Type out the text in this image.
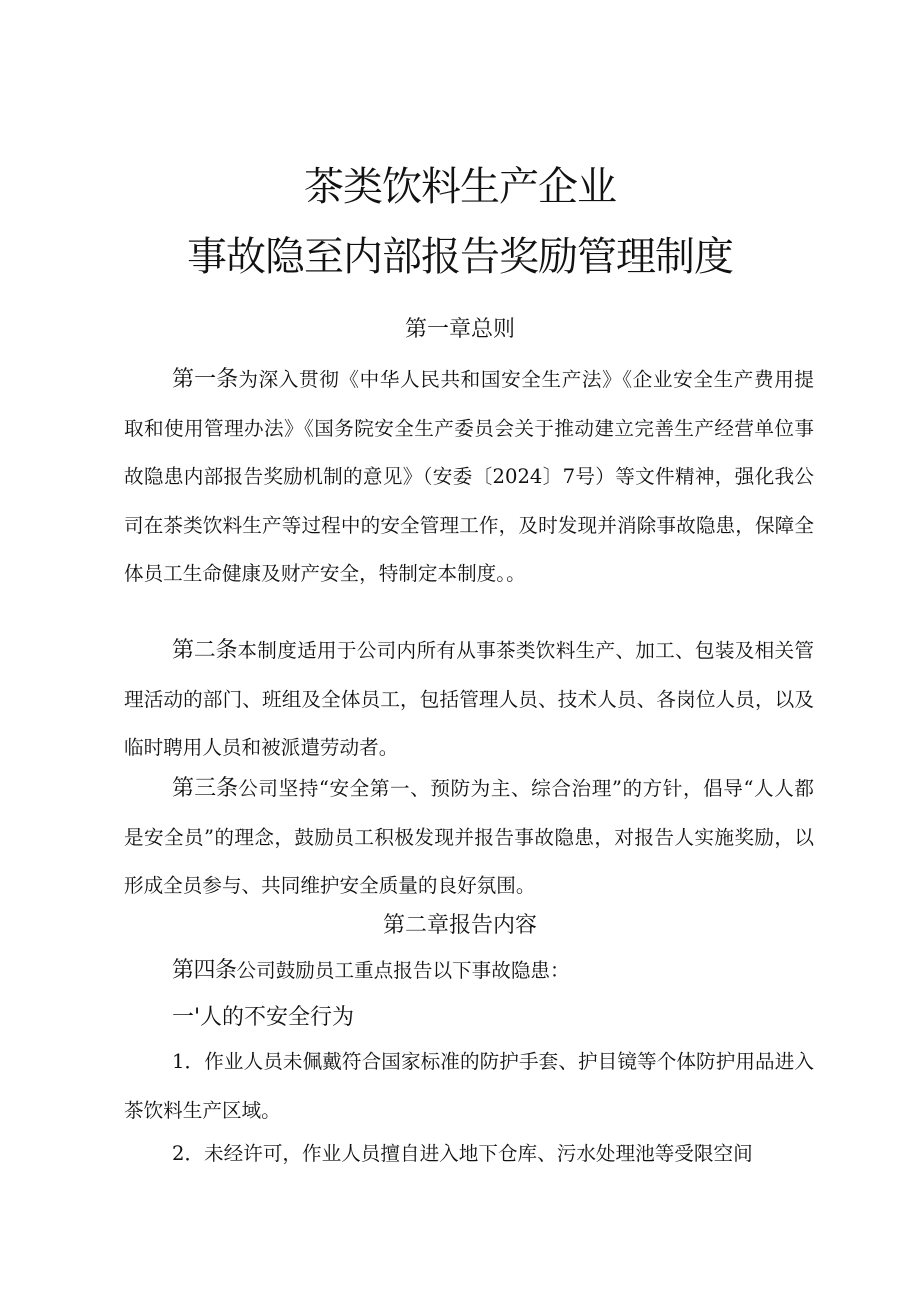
茶类饮料生产企业
事故隐至内部报告奖励管理制度
第一章总则

第一条为深入贯彻《中华人民共和国安全生产法》《企业安全生产费用提取和使用管理办法》《国务院安全生产委员会关于推动建立完善生产经营单位事故隐患内部报告奖励机制的意见》（安委〔2024〕7号）等文件精神，强化我公司在茶类饮料生产等过程中的安全管理工作，及时发现并消除事故隐患，保障全体员工生命健康及财产安全，特制定本制度。。

第二条本制度适用于公司内所有从事茶类饮料生产、加工、包装及相关管理活动的部门、班组及全体员工，包括管理人员、技术人员、各岗位人员，以及临时聘用人员和被派遣劳动者。

第三条公司坚持“安全第一、预防为主、综合治理”的方针，倡导“人人都是安全员”的理念，鼓励员工积极发现并报告事故隐患，对报告人实施奖励，以形成全员参与、共同维护安全质量的良好氛围。

第二章报告内容

第四条公司鼓励员工重点报告以下事故隐患：

一'人的不安全行为

1．作业人员未佩戴符合国家标准的防护手套、护目镜等个体防护用品进入茶饮料生产区域。

2．未经许可，作业人员擅自进入地下仓库、污水处理池等受限空间
